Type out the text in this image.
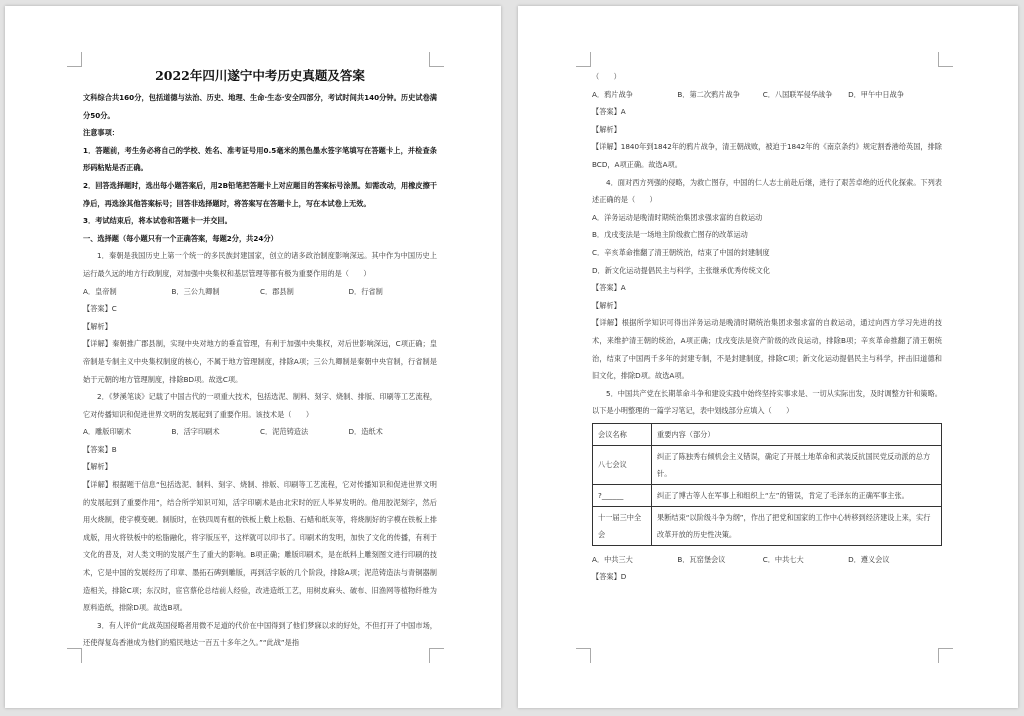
2022年四川遂宁中考历史真题及答案

文科综合共160分，包括道德与法治、历史、地理、生命·生态·安全四部分，考试时间共140分钟。历史试卷满分50分。

注意事项：

1．答题前，考生务必将自己的学校、姓名、准考证号用0.5毫米的黑色墨水签字笔填写在答题卡上，并检查条形码粘贴是否正确。

2．回答选择题时，选出每小题答案后，用2B铅笔把答题卡上对应题目的答案标号涂黑。如需改动，用橡皮擦干净后，再选涂其他答案标号；回答非选择题时，将答案写在答题卡上，写在本试卷上无效。

3．考试结束后，将本试卷和答题卡一并交回。

一、选择题（每小题只有一个正确答案，每题2分，共24分）

1．秦朝是我国历史上第一个统一的多民族封建国家，创立的诸多政治制度影响深远。其中作为中国历史上运行最久远的地方行政制度，对加强中央集权和基层管理等都有极为重要作用的是（　　）

A．皇帝制	B．三公九卿制	C．郡县制	D．行省制

【答案】C

【解析】

【详解】秦朝推广郡县制，实现中央对地方的垂直管理，有利于加强中央集权，对后世影响深远，C项正确；皇帝制是专制主义中央集权制度的核心，不属于地方管理制度，排除A项；三公九卿制是秦朝中央官制，行省制是始于元朝的地方管理制度，排除BD项。故选C项。

2．《梦溪笔谈》记载了中国古代的一项重大技术，包括选泥、制料、刻字、烧制、排版、印刷等工艺流程，它对传播知识和促进世界文明的发展起到了重要作用。该技术是（　　）

A．雕版印刷术	B．活字印刷术	C．泥范铸造法	D．造纸术

【答案】B

【解析】

【详解】根据题干信息“包括选泥、制料、刻字、烧制、排版、印刷等工艺流程，它对传播知识和促进世界文明的发展起到了重要作用”，结合所学知识可知，活字印刷术是由北宋时的匠人毕昇发明的。他用胶泥刻字，然后用火烧制，使字模变硬。制版时，在铁四周有框的铁板上敷上松脂、石蜡和纸灰等，将烧制好的字模在铁板上排成版，用火将铁板中的松脂融化，将字版压平，这样就可以印书了。印刷术的发明，加快了文化的传播，有利于文化的普及，对人类文明的发展产生了重大的影响。B项正确；雕版印刷术，是在纸料上雕刻图文进行印刷的技术，它是中国的发展经历了印章、墨拓石碑到雕版，再到活字版的几个阶段，排除A项；泥范铸造法与青铜器制造相关，排除C项；东汉时，宦官蔡伦总结前人经验，改进造纸工艺，用树皮麻头、破布、旧渔网等植物纤维为原料造纸，排除D项。故选B项。

3．有人评价“此战英国侵略者用微不足道的代价在中国得到了他们梦寐以求的好处，不但打开了中国市场，还使得复岛香港成为他们的殖民地达一百五十多年之久。”“此战”是指

（　　）

A．鸦片战争	B．第二次鸦片战争	C．八国联军侵华战争	D．甲午中日战争

【答案】A

【解析】

【详解】1840年到1842年的鸦片战争，清王朝战败，被迫于1842年的《南京条约》规定割香港给英国，排除BCD，A项正确。故选A项。

4．面对西方列强的侵略，为救亡图存，中国的仁人志士前赴后继，进行了艰苦卓绝的近代化探索。下列表述正确的是（　　）

A．洋务运动是晚清时期统治集团求强求富的自救运动

B．戊戌变法是一场地主阶级救亡图存的改革运动

C．辛亥革命推翻了清王朝统治，结束了中国的封建制度

D．新文化运动提倡民主与科学，主张继承优秀传统文化

【答案】A

【解析】

【详解】根据所学知识可得出洋务运动是晚清时期统治集团求强求富的自救运动，通过向西方学习先进的技术，来维护清王朝的统治，A项正确；戊戌变法是资产阶级的改良运动，排除B项；辛亥革命推翻了清王朝统治，结束了中国两千多年的封建专制，不是封建制度，排除C项；新文化运动提倡民主与科学，抨击旧道德和旧文化，排除D项。故选A项。

5．中国共产党在长期革命斗争和建设实践中始终坚持实事求是、一切从实际出发，及时调整方针和策略。以下是小明整理的一篇学习笔记，表中划线部分应填入（　　）

会议名称	重要内容（部分）
八七会议	纠正了陈独秀右倾机会主义错误，确定了开展土地革命和武装反抗国民党反动派的总方针。
?______	纠正了博古等人在军事上和组织上“左”的错误，肯定了毛泽东的正确军事主张。
十一届三中全会	果断结束“以阶级斗争为纲”，作出了把党和国家的工作中心转移到经济建设上来，实行改革开放的历史性决策。
A．中共三大	B．瓦窑堡会议	C．中共七大	D．遵义会议

【答案】D
